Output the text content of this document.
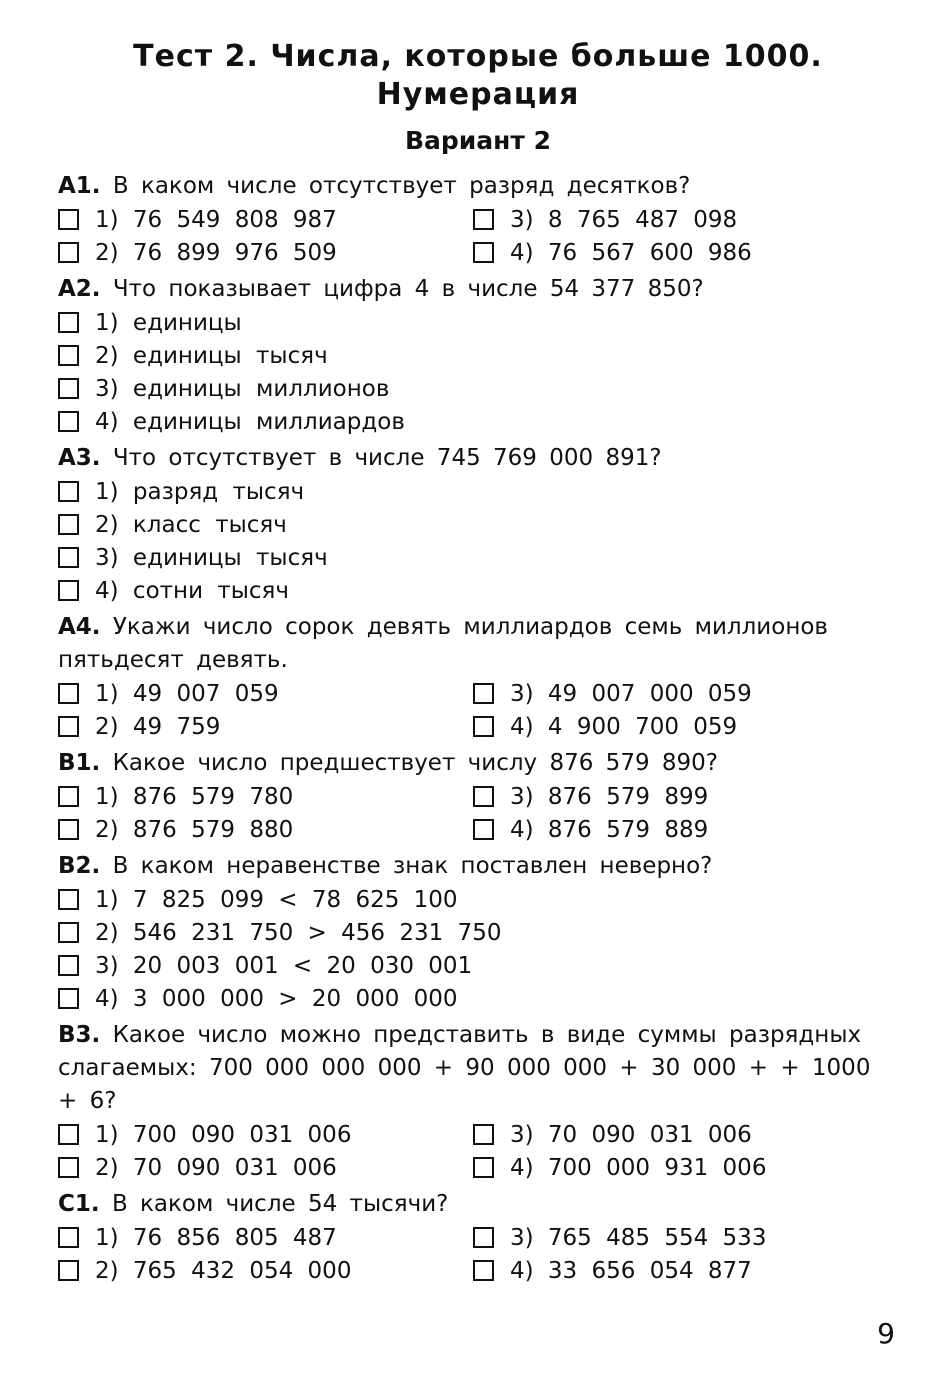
Тест 2. Числа, которые больше 1000.
Нумерация
Вариант 2
А1. В каком числе отсутствует разряд десятков?
1) 76 549 808 987	3) 8 765 487 098
2) 76 899 976 509	4) 76 567 600 986
А2. Что показывает цифра 4 в числе 54 377 850?
1) единицы
2) единицы тысяч
3) единицы миллионов
4) единицы миллиардов
А3. Что отсутствует в числе 745 769 000 891?
1) разряд тысяч
2) класс тысяч
3) единицы тысяч
4) сотни тысяч
А4. Укажи число сорок девять миллиардов семь миллионов пятьдесят девять.
1) 49 007 059	3) 49 007 000 059
2) 49 759	4) 4 900 700 059
В1. Какое число предшествует числу 876 579 890?
1) 876 579 780	3) 876 579 899
2) 876 579 880	4) 876 579 889
В2. В каком неравенстве знак поставлен неверно?
1) 7 825 099 < 78 625 100
2) 546 231 750 > 456 231 750
3) 20 003 001 < 20 030 001
4) 3 000 000 > 20 000 000
В3. Какое число можно представить в виде суммы разрядных слагаемых: 700 000 000 000 + 90 000 000 + 30 000 + + 1000 + 6?
1) 700 090 031 006	3) 70 090 031 006
2) 70 090 031 006	4) 700 000 931 006
С1. В каком числе 54 тысячи?
1) 76 856 805 487	3) 765 485 554 533
2) 765 432 054 000	4) 33 656 054 877
9
